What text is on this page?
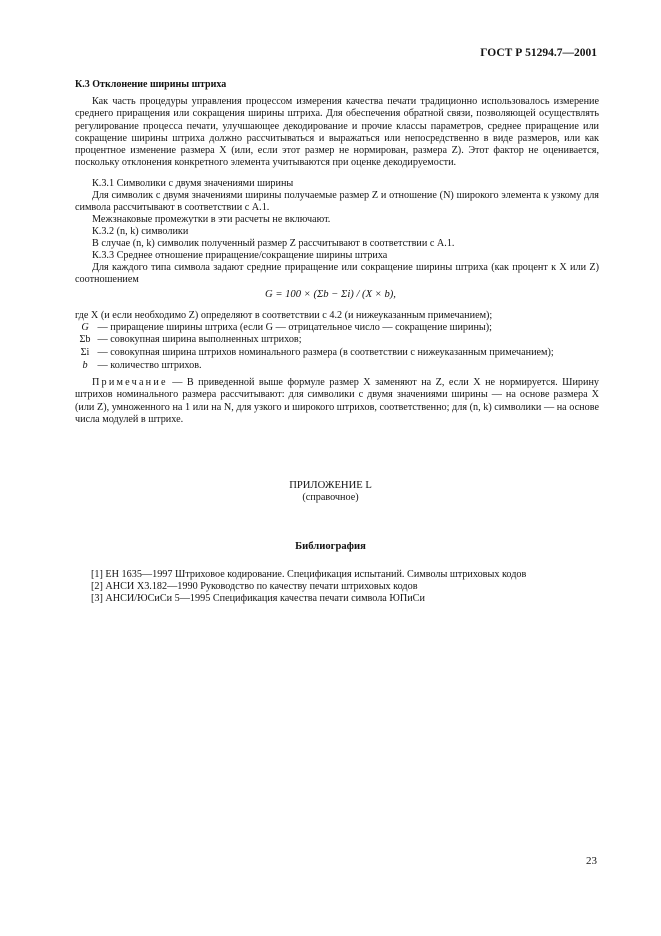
ГОСТ Р 51294.7—2001
К.3 Отклонение ширины штриха

Как часть процедуры управления процессом измерения качества печати традиционно использовалось измерение среднего приращения или сокращения ширины штриха. Для обеспечения обратной связи, позволяющей осуществлять регулирование процесса печати, улучшающее декодирование и прочие классы параметров, среднее приращение или сокращение ширины штриха должно рассчитываться и выражаться или непосредственно в виде размеров, или как процентное изменение размера X (или, если этот размер не нормирован, размера Z). Этот фактор не оценивается, поскольку отклонения конкретного элемента учитываются при оценке декодируемости.

К.3.1 Символики с двумя значениями ширины

Для символик с двумя значениями ширины получаемые размер Z и отношение (N) широкого элемента к узкому для символа рассчитывают в соответствии с А.1.

Межзнаковые промежутки в эти расчеты не включают.

К.3.2 (n, k) символики

В случае (n, k) символик полученный размер Z рассчитывают в соответствии с А.1.

К.3.3 Среднее отношение приращение/сокращение ширины штриха

Для каждого типа символа задают средние приращение или сокращение ширины штриха (как процент к X или Z) соотношением

G = 100 × (Σb − Σi) / (X × b),

где X (и если необходимо Z) определяют в соответствии с 4.2 (и нижеуказанным примечанием);

G — приращение ширины штриха (если G — отрицательное число — сокращение ширины);
Σb — совокупная ширина выполненных штрихов;
Σi — совокупная ширина штрихов номинального размера (в соответствии с нижеуказанным примечанием);
b — количество штрихов.

Примечание — В приведенной выше формуле размер X заменяют на Z, если X не нормируется. Ширину штрихов номинального размера рассчитывают: для символики с двумя значениями ширины — на основе размера X (или Z), умноженного на 1 или на N, для узкого и широкого штрихов, соответственно; для (n, k) символики — на основе числа модулей в штрихе.

ПРИЛОЖЕНИЕ L
(справочное)
Библиография
[1] ЕН 1635—1997 Штриховое кодирование. Спецификация испытаний. Символы штриховых кодов
[2] АНСИ Х3.182—1990 Руководство по качеству печати штриховых кодов
[3] АНСИ/ЮСиСи 5—1995 Спецификация качества печати символа ЮПиСи
23
